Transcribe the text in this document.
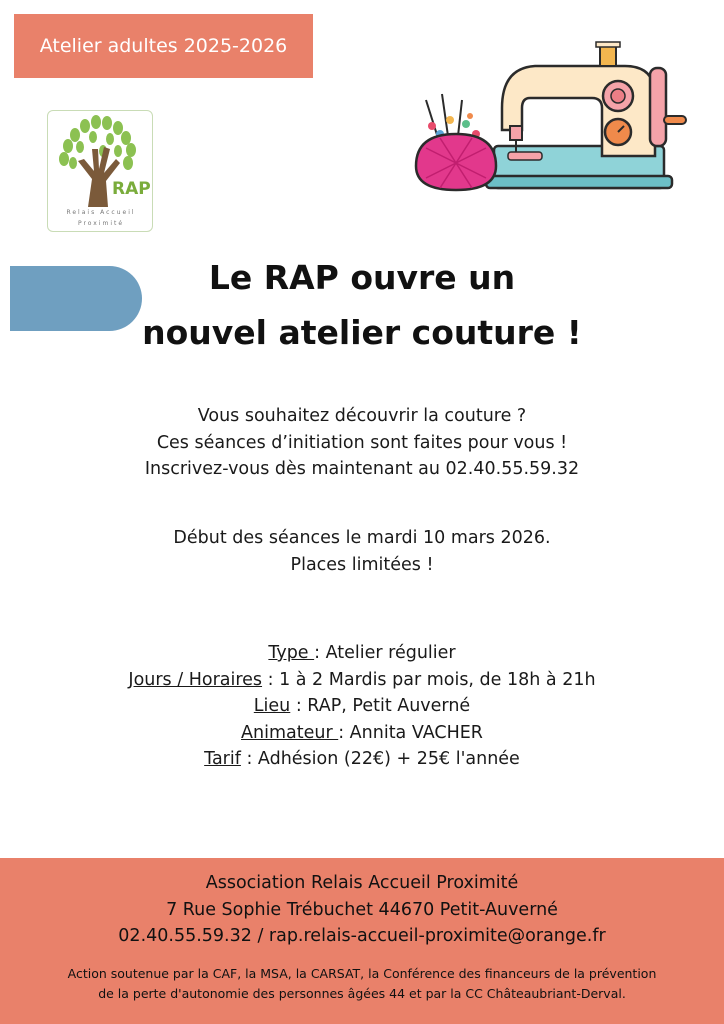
Atelier adultes 2025-2026
RAP
Relais Accueil
Proximité
Le RAP ouvre un
nouvel atelier couture !
Vous souhaitez découvrir la couture ?
Ces séances d’initiation sont faites pour vous !
Inscrivez-vous dès maintenant au 02.40.55.59.32
Début des séances le mardi 10 mars 2026.
Places limitées !
Type : Atelier régulier
Jours / Horaires : 1 à 2 Mardis par mois, de 18h à 21h
Lieu : RAP, Petit Auverné
Animateur : Annita VACHER
Tarif : Adhésion (22€) + 25€ l'année
Association Relais Accueil Proximité
7 Rue Sophie Trébuchet 44670 Petit-Auverné
02.40.55.59.32 / rap.relais-accueil-proximite@orange.fr
Action soutenue par la CAF, la MSA, la CARSAT, la Conférence des financeurs de la prévention
de la perte d'autonomie des personnes âgées 44 et par la CC Châteaubriant-Derval.
